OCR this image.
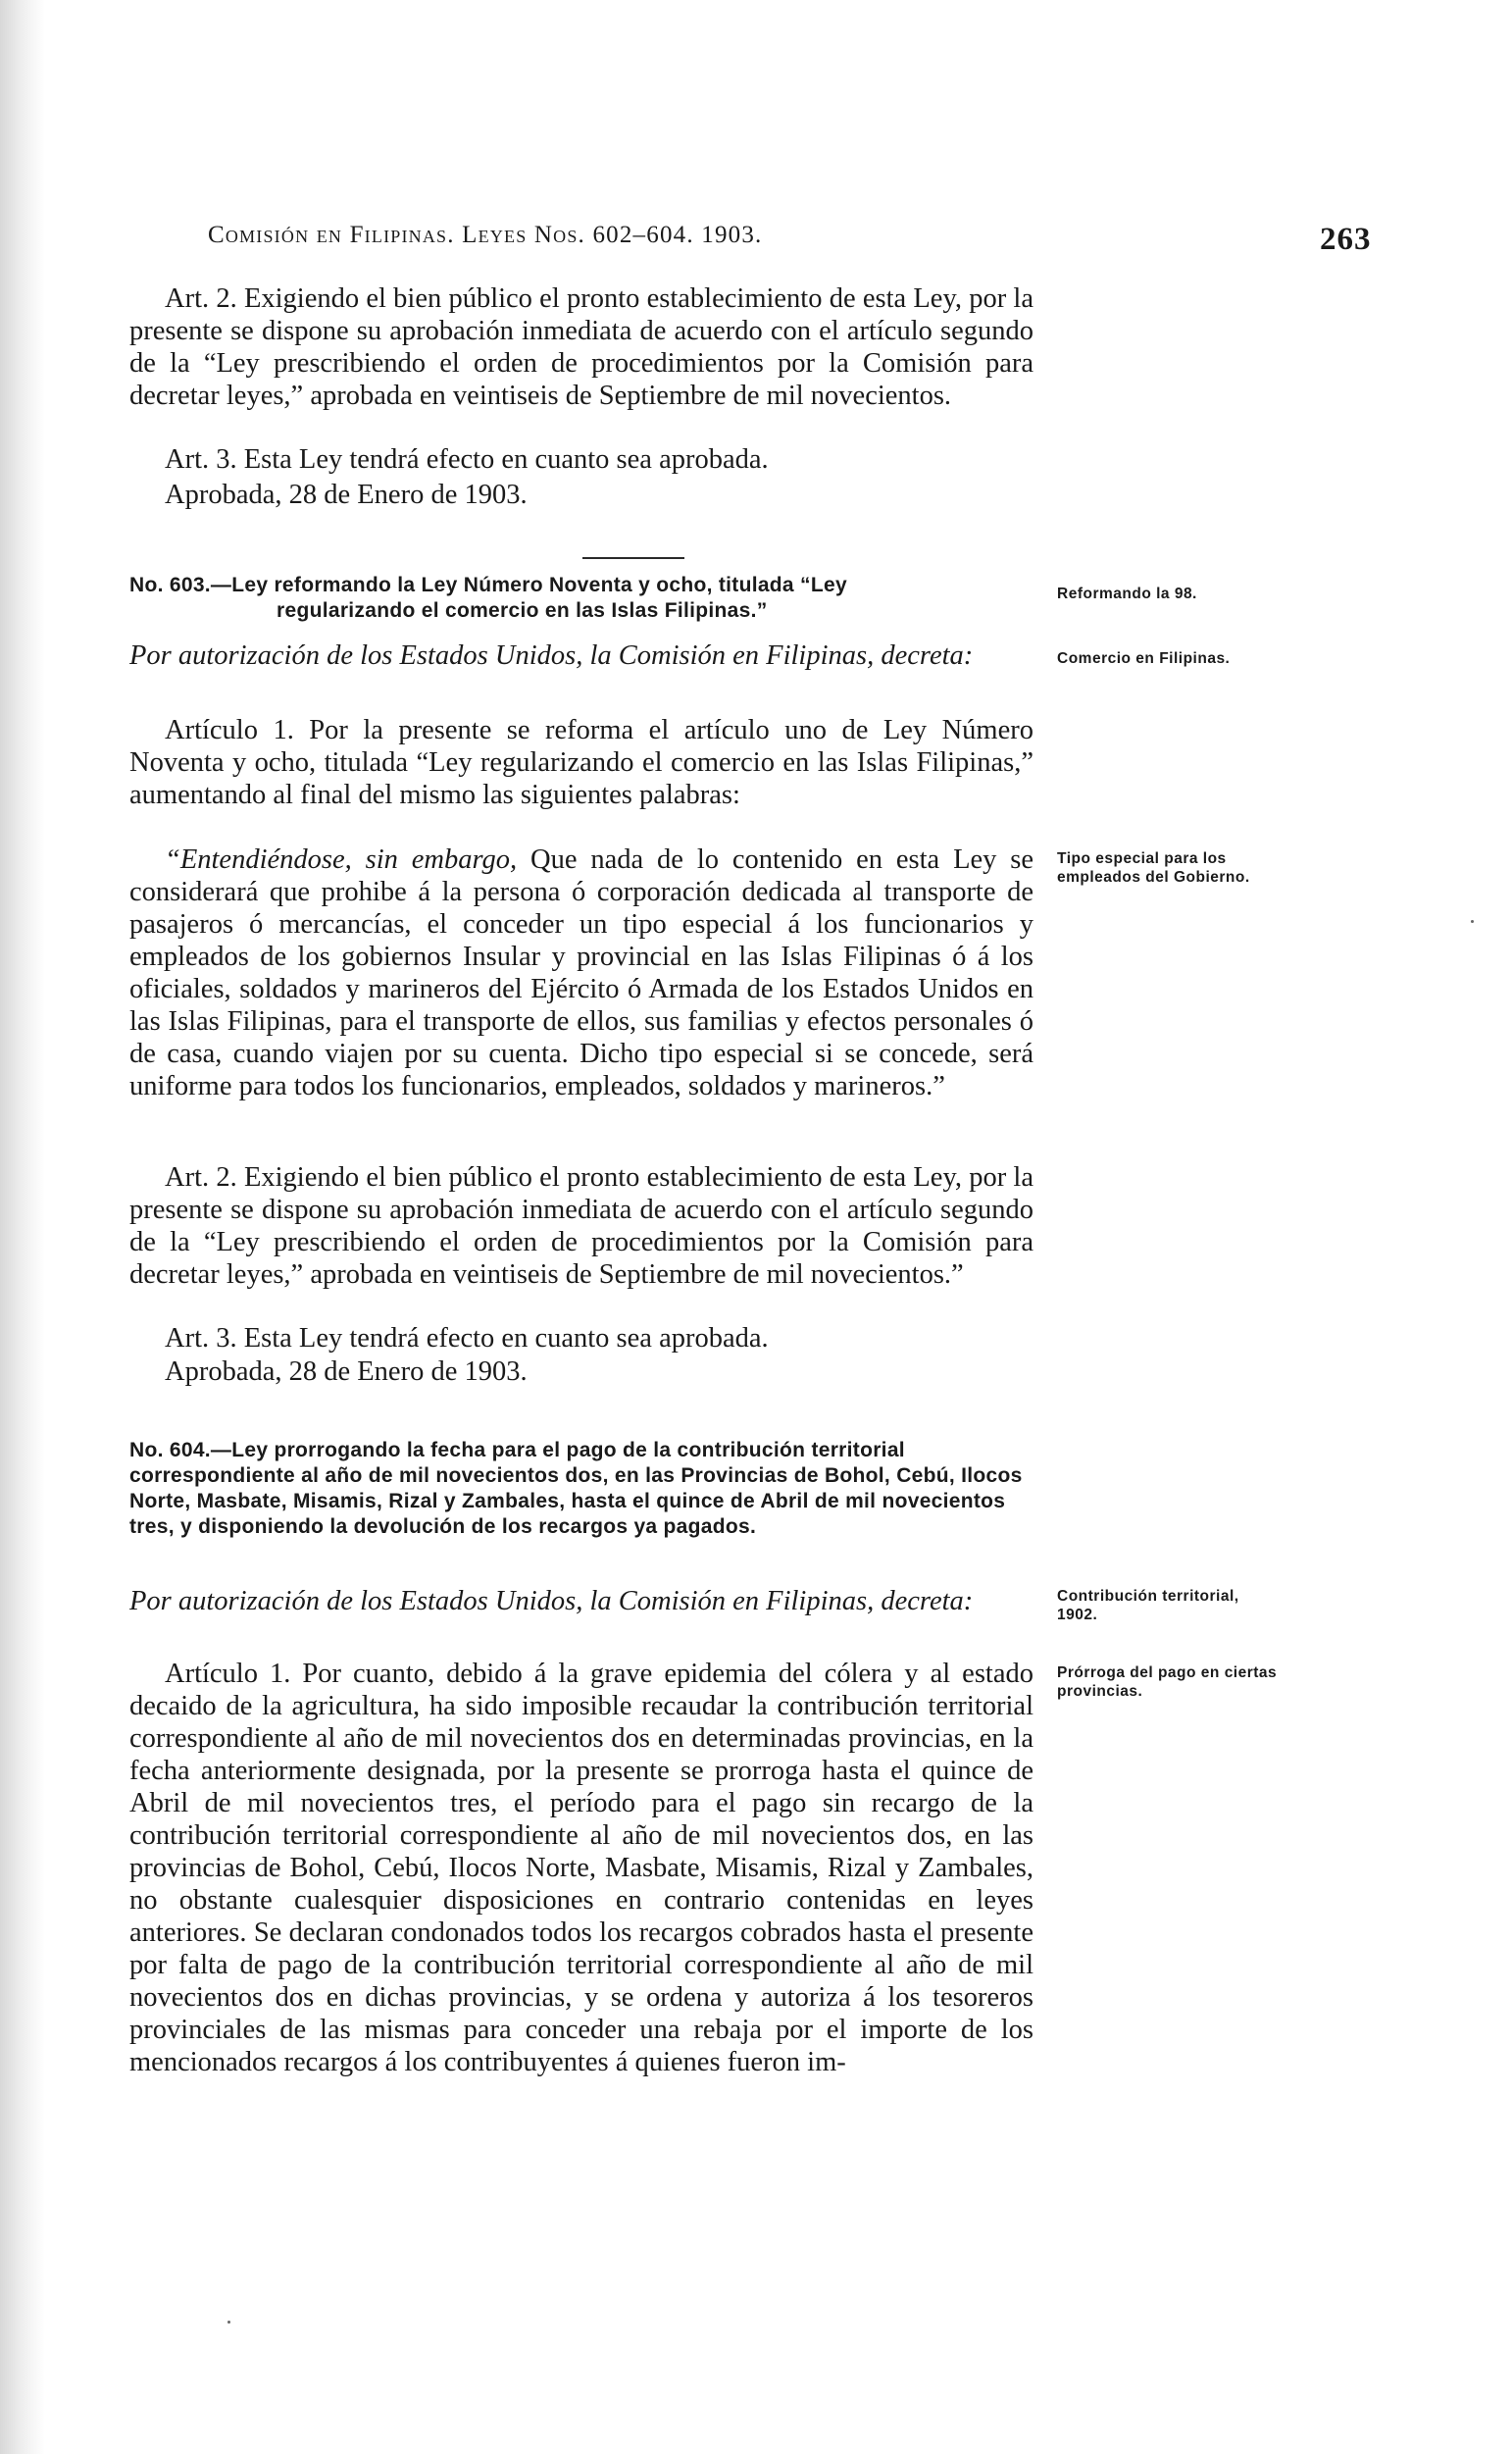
Comisión en Filipinas. Leyes Nos. 602–604. 1903.	263

Art. 2. Exigiendo el bien público el pronto establecimiento de esta Ley, por la presente se dispone su aprobación inmediata de acuerdo con el artículo segundo de la “Ley prescribiendo el orden de procedimientos por la Comisión para decretar leyes,” aprobada en veintiseis de Septiembre de mil novecientos.

Art. 3. Esta Ley tendrá efecto en cuanto sea aprobada.

Aprobada, 28 de Enero de 1903.

No. 603.—Ley reformando la Ley Número Noventa y ocho, titulada “Ley

regularizando el comercio en las Islas Filipinas.”

Reformando la 98.

Por autorización de los Estados Unidos, la Comisión en Filipinas, decreta:	Comercio en Filipinas.

Artículo 1. Por la presente se reforma el artículo uno de Ley Número Noventa y ocho, titulada “Ley regularizando el comercio en las Islas Filipinas,” aumentando al final del mismo las siguientes palabras:

“Entendiéndose, sin embargo, Que nada de lo contenido en esta Ley se considerará que prohibe á la persona ó corporación dedicada al transporte de pasajeros ó mercancías, el conceder un tipo especial á los funcionarios y empleados de los gobiernos Insular y provincial en las Islas Filipinas ó á los oficiales, soldados y marineros del Ejército ó Armada de los Estados Unidos en las Islas Filipinas, para el transporte de ellos, sus familias y efectos personales ó de casa, cuando viajen por su cuenta. Dicho tipo especial si se concede, será uniforme para todos los funcionarios, empleados, soldados y marineros.”

Tipo especial para los empleados del Gobierno.

Art. 2. Exigiendo el bien público el pronto establecimiento de esta Ley, por la presente se dispone su aprobación inmediata de acuerdo con el artículo segundo de la “Ley prescribiendo el orden de procedimientos por la Comisión para decretar leyes,” aprobada en veintiseis de Septiembre de mil novecientos.”

Art. 3. Esta Ley tendrá efecto en cuanto sea aprobada.

Aprobada, 28 de Enero de 1903.

No. 604.—Ley prorrogando la fecha para el pago de la contribución territorial correspondiente al año de mil novecientos dos, en las Provincias de Bohol, Cebú, Ilocos Norte, Masbate, Misamis, Rizal y Zambales, hasta el quince de Abril de mil novecientos tres, y disponiendo la devolución de los recargos ya pagados.

Por autorización de los Estados Unidos, la Comisión en Filipinas, decreta:	Contribución territorial, 1902.

Artículo 1. Por cuanto, debido á la grave epidemia del cólera y al estado decaido de la agricultura, ha sido imposible recaudar la contribución territorial correspondiente al año de mil novecientos dos en determinadas provincias, en la fecha anteriormente designada, por la presente se prorroga hasta el quince de Abril de mil novecientos tres, el período para el pago sin recargo de la contribución territorial correspondiente al año de mil novecientos dos, en las provincias de Bohol, Cebú, Ilocos Norte, Masbate, Misamis, Rizal y Zambales, no obstante cualesquier disposiciones en contrario contenidas en leyes anteriores. Se declaran condonados todos los recargos cobrados hasta el presente por falta de pago de la contribución territorial correspondiente al año de mil novecientos dos en dichas provincias, y se ordena y autoriza á los tesoreros provinciales de las mismas para conceder una rebaja por el importe de los mencionados recargos á los contribuyentes á quienes fueron im-

Prórroga del pago en ciertas provincias.
